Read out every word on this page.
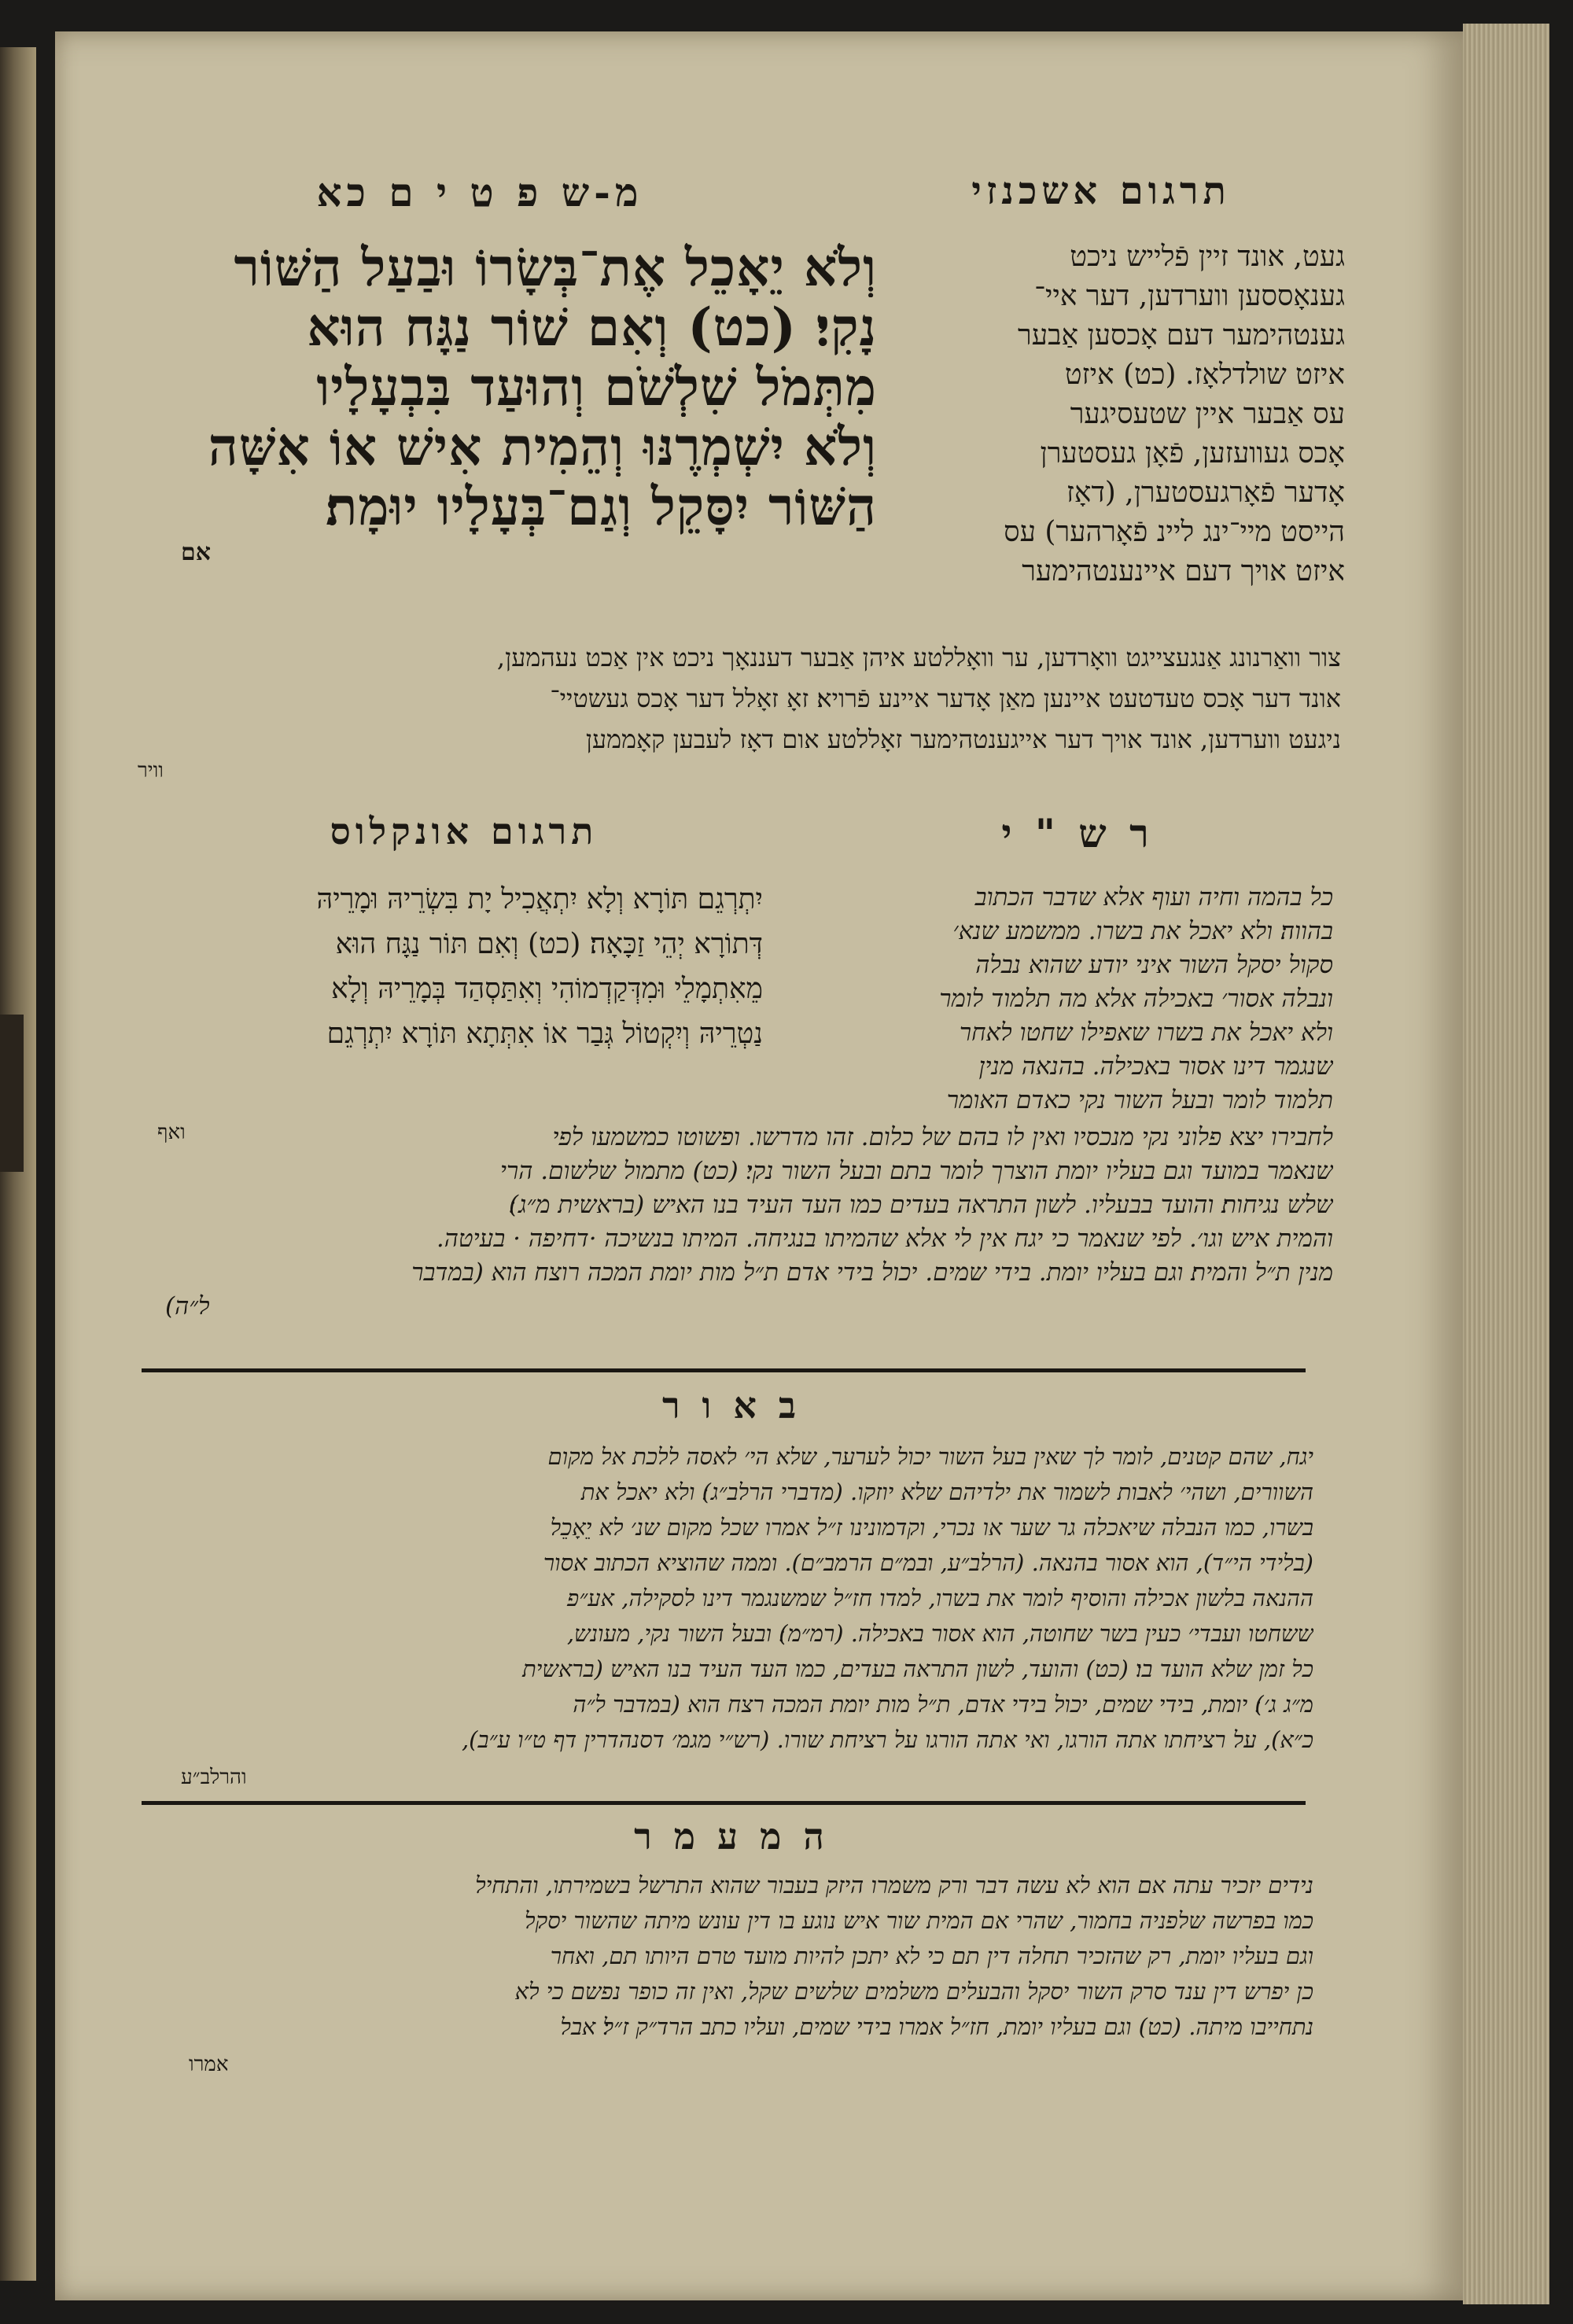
תרגום אשכנזי
מ-ש פ ט י ם כא
וְלֹא יֵאָכֵל אֶת־בְּשָׂרוֹ וּבַעַל הַשּׁוֹר
נָקִי׃ (כט) וְאִם שׁוֹר נַגָּח הוּא
מִתְּמֹל שִׁלְשֹׁם וְהוּעַד בִּבְעָלָיו
וְלֹא יִשְׁמְרֶנּוּ וְהֵמִית אִישׁ אוֹ אִשָּׁה
הַשּׁוֹר יִסָּקֵל וְגַם־בְּעָלָיו יוּמָת׃
אם
געט, אונד זיין פֿלייש ניכט
גענאָססען ווערדען, דער איי־
גענטהימער דעם אָכסען אַבער
איזט שולדלאָז. (כט) איזט
עס אַבער איין שטעסיגער
אָכס געוועזען, פֿאָן געסטערן
אָדער פֿאָרגעסטערן, (דאָז
הייסט מיי־ינג ליינ פֿאָרהער) עס
איזט אויך דעם איינענטהימער
צור וואַרנונג אַנגעצייגט וואָרדען, ער וואָללטע איהן אַבער דעננאָך ניכט אין אַכט נעהמען,
אונד דער אָכס טעדטעט איינען מאַן אָדער איינע פֿרויא׃ זאָ זאָלל דער אָכס געשטיי־
ניגעט ווערדען, אונד אויך דער אייגענטהימער זאָללטע אום דאָז לעבען קאָממען
וויר
ר ש " י
תרגום אונקלוס
יִתְרְגֵם תּוֹרָא וְלָא יִתְאֲכִיל יָת בִּשְׂרֵיהּ וּמָרֵיהּ
דְּתוֹרָא יְהֵי זַכָּאָה׃ (כט) וְאִם תּוֹר נַגָּח הוּא
מֵאִתְמָלֵי וּמִדְּקַדְמוֹהִי וְאִתַּסְהַד בְּמָרֵיהּ וְלָא
נַטְרֵיהּ וְיִקְטוֹל גְּבַר אוֹ אִתְּתָא תּוֹרָא יִתְרְגֵם
ואף
כל בהמה וחיה ועוף אלא שדבר הכתוב
בהווה׃ ולא יאכל את בשרו. ממשמע שנא׳
סקול יסקל השור איני יודע שהוא נבלה
ונבלה אסור׳ באכילה אלא מה תלמוד לומר
ולא יאכל את בשרו שאפילו שחטו לאחר
שנגמר דינו אסור באכילה. בהנאה מנין
תלמוד לומר ובעל השור נקי כאדם האומר
לחבירו יצא פלוני נקי מנכסיו ואין לו בהם של כלום. זהו מדרשו. ופשוטו כמשמעו לפי
שנאמר במועד וגם בעליו יומת הוצרך לומר בתם ובעל השור נקי׃ (כט) מתמול שלשום. הרי
שלש נגיחות׃ והועד בבעליו. לשון התראה בעדים כמו העד העיד בנו האיש (בראשית מ״ג)׃
והמית איש וגו׳. לפי שנאמר כי יגח אין לי אלא שהמיתו בנגיחה. המיתו בנשיכה ·דחיפה · בעיטה.
מנין ת״ל והמית׃ וגם בעליו יומת. בידי שמים. יכול בידי אדם ת״ל מות יומת המכה רוצח הוא (במדבר
ל״ה)
ב א ו ר
יגח, שהם קטנים, לומר לך שאין בעל השור יכול לערער, שלא הי׳ לאסה ללכת אל מקום
השוורים, ושהי׳ לאבות לשמור את ילדיהם שלא יוזקו. (מדברי הרלב״ג)׃ ולא יאכל את
בשרו, כמו הנבלה שיאכלה גר שער או נכרי, וקדמונינו ז״ל אמרו שכל מקום שנ׳ לא יֵאָכֵל
(בלידי הי״ד), הוא אסור בהנאה. (הרלב״ע, ובמ״ם הרמב״ם). וממה שהוציא הכתוב אסור
ההנאה בלשון אכילה והוסיף לומר את בשרו, למדו חז״ל שמשנגמר דינו לסקילה, אע״פ
ששחטו ועבדי׳ כעין בשר שחוטה, הוא אסור באכילה. (רמ״מ)׃ ובעל השור נקי, מעונש,
כל זמן שלא הועד בו׃ (כט) והועד, לשון התראה בעדים, כמו העד העיד בנו האיש (בראשית
מ״ג ג׳)׃ יומת, בידי שמים, יכול בידי אדם, ת״ל מות יומת המכה רצח הוא (במדבר ל״ה
כ״א), על רציחתו אתה הורגו, ואי אתה הורגו על רציחת שורו. (רש״י מגמ׳ דסנהדרין דף ט״ו ע״ב),
והרלב״ע
ה מ ע מ ר
נידים יזכיר עתה אם הוא לא עשה דבר ורק משמרו היזק בעבור שהוא התרשל בשמירתו, והתחיל
כמו בפרשה שלפניה בחמור, שהרי אם המית שור איש נוגע בו דין עונש מיתה שהשור יסקל
וגם בעליו יומת, רק שהזכיר תחלה דין תם כי לא יתכן להיות מועד טרם היותו תם, ואחר
כן יפרש דין ענד סרק השור יסקל והבעלים משלמים שלשים שקל, ואין זה כופר נפשם כי לא
נתחייבו מיתה. (כט) וגם בעליו יומת, חז״ל אמרו בידי שמים, ועליו כתב הרד״ק ז״ל׃ אבל
אמרו
